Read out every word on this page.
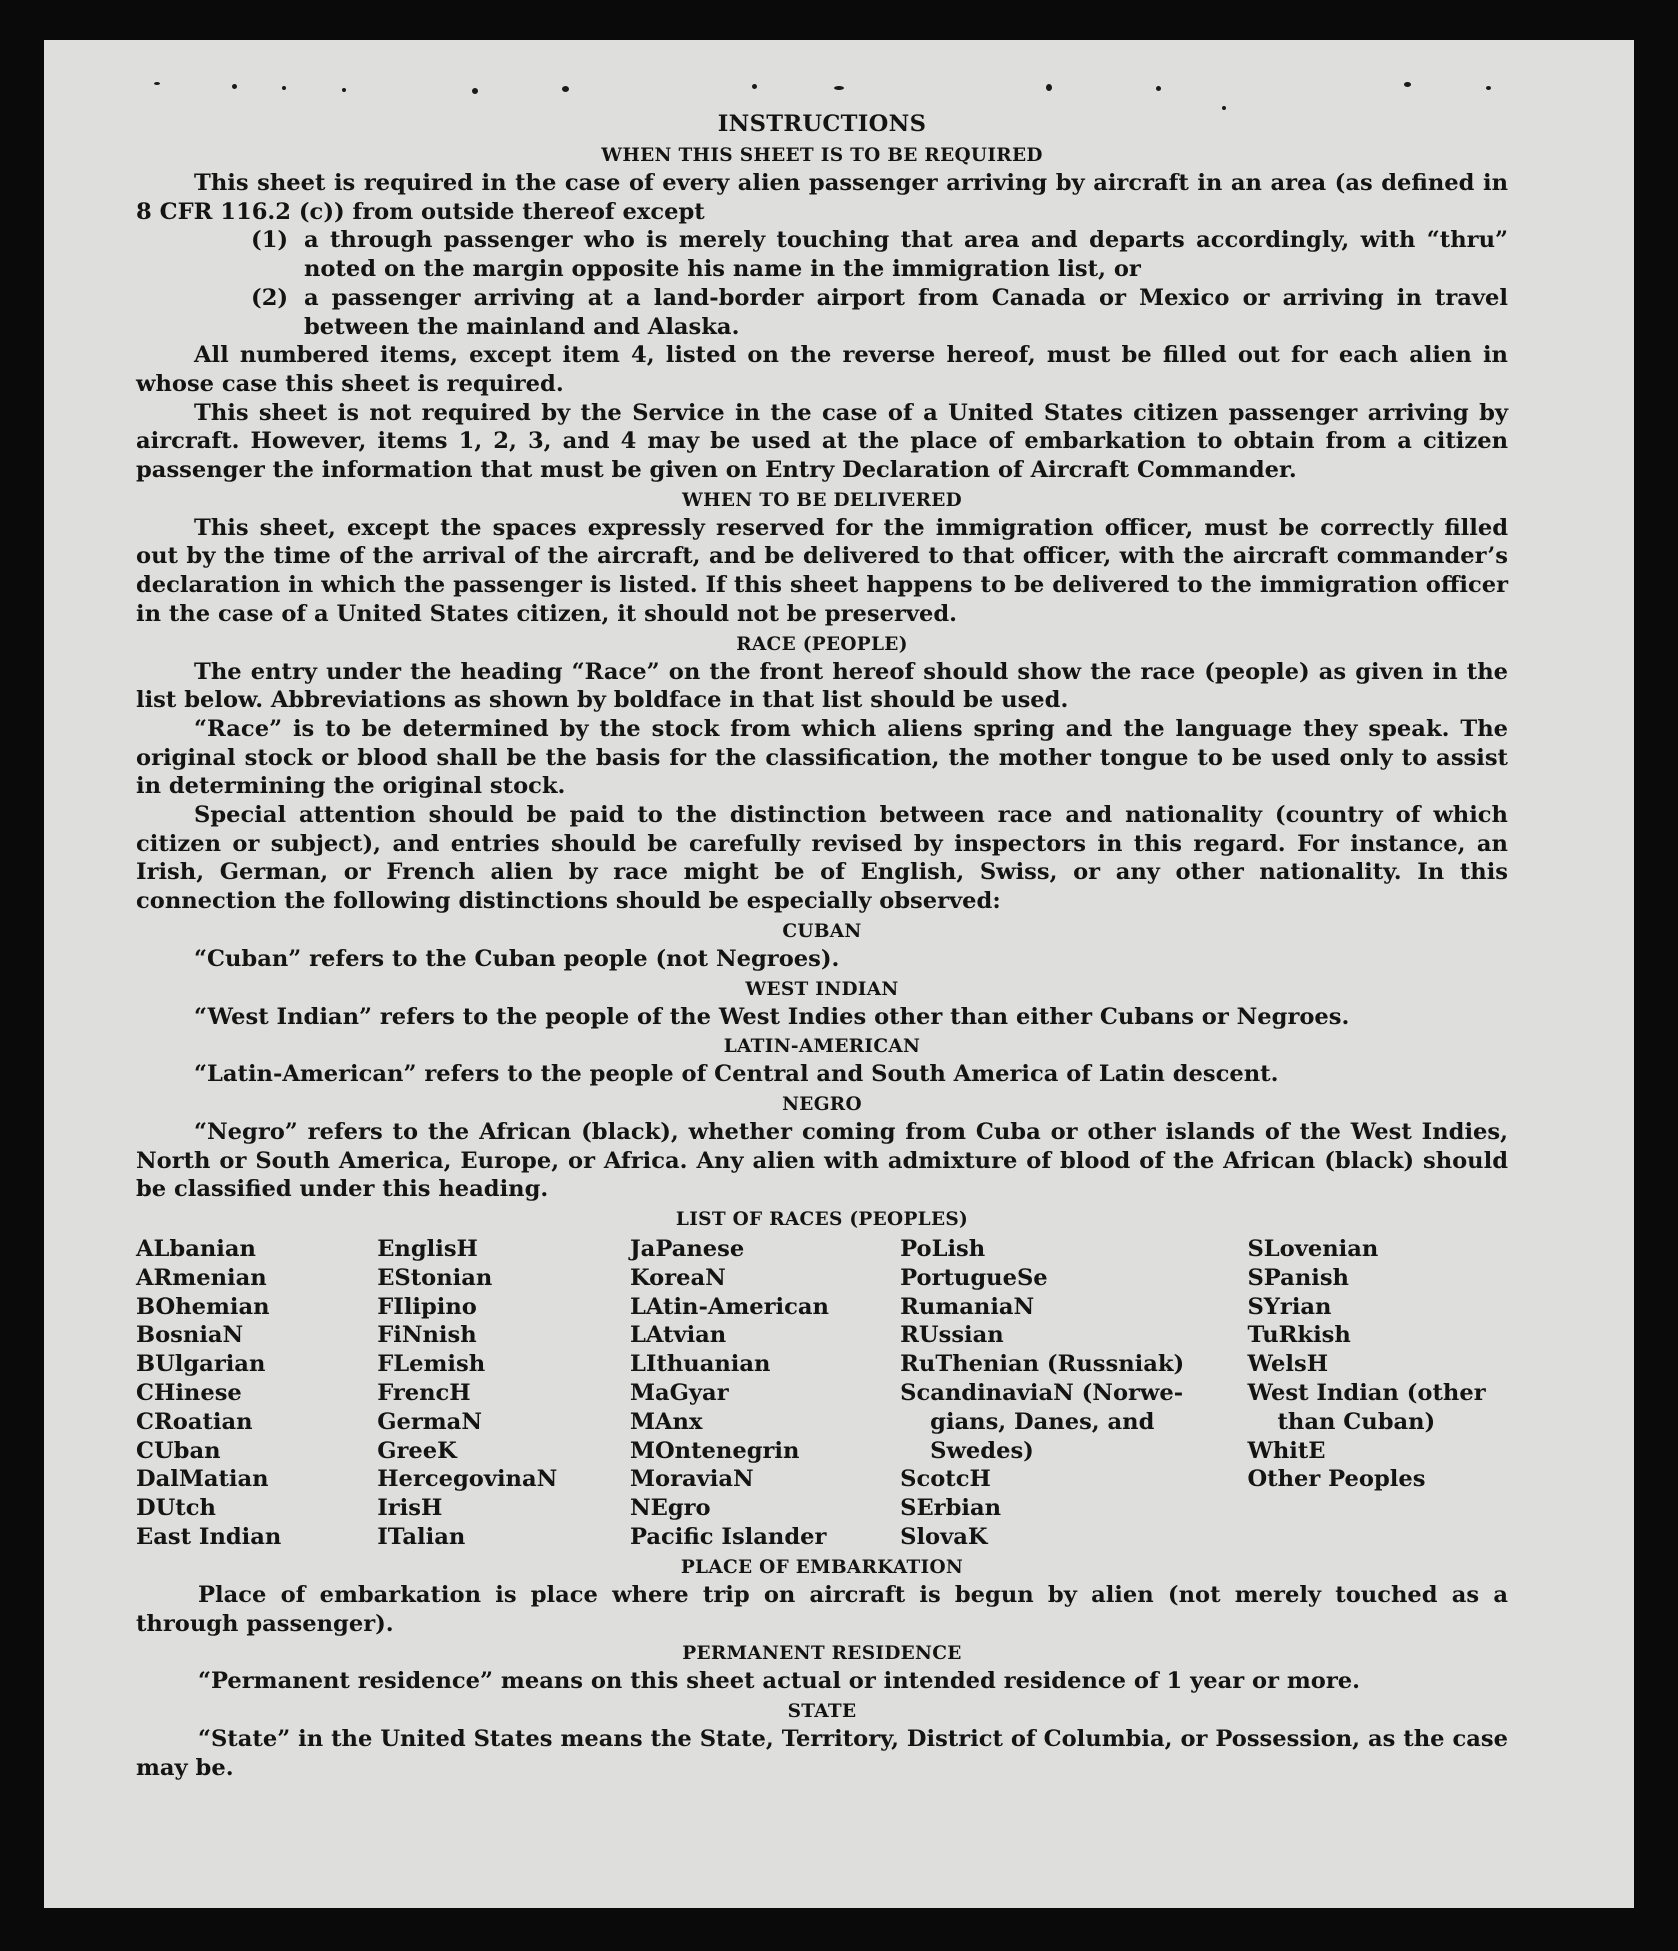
INSTRUCTIONS
WHEN THIS SHEET IS TO BE REQUIRED

This sheet is required in the case of every alien passenger arriving by aircraft in an area (as defined in 8 CFR 116.2 (c)) from outside thereof except

(1) a through passenger who is merely touching that area and departs accordingly, with “thru” noted on the margin opposite his name in the immigration list, or
(2) a passenger arriving at a land-border airport from Canada or Mexico or arriving in travel between the mainland and Alaska.

All numbered items, except item 4, listed on the reverse hereof, must be filled out for each alien in whose case this sheet is required.

This sheet is not required by the Service in the case of a United States citizen passenger arriving by aircraft. However, items 1, 2, 3, and 4 may be used at the place of embarkation to obtain from a citizen passenger the information that must be given on Entry Declaration of Aircraft Commander.

WHEN TO BE DELIVERED

This sheet, except the spaces expressly reserved for the immigration officer, must be correctly filled out by the time of the arrival of the aircraft, and be delivered to that officer, with the aircraft commander’s declaration in which the passenger is listed. If this sheet happens to be delivered to the immigration officer in the case of a United States citizen, it should not be preserved.

RACE (PEOPLE)

The entry under the heading “Race” on the front hereof should show the race (people) as given in the list below. Abbreviations as shown by boldface in that list should be used.

“Race” is to be determined by the stock from which aliens spring and the language they speak. The original stock or blood shall be the basis for the classification, the mother tongue to be used only to assist in determining the original stock.

Special attention should be paid to the distinction between race and nationality (country of which citizen or subject), and entries should be carefully revised by inspectors in this regard. For instance, an Irish, German, or French alien by race might be of English, Swiss, or any other nationality. In this connection the following distinctions should be especially observed:

CUBAN

“Cuban” refers to the Cuban people (not Negroes).

WEST INDIAN

“West Indian” refers to the people of the West Indies other than either Cubans or Negroes.

LATIN-AMERICAN

“Latin-American” refers to the people of Central and South America of Latin descent.

NEGRO

“Negro” refers to the African (black), whether coming from Cuba or other islands of the West Indies, North or South America, Europe, or Africa. Any alien with admixture of blood of the African (black) should be classified under this heading.

LIST OF RACES (PEOPLES)
ALbanian
ARmenian
BOhemian
BosniaN
BUlgarian
CHinese
CRoatian
CUban
DalMatian
DUtch
East Indian
EnglisH
EStonian
FIlipino
FiNnish
FLemish
FrencH
GermaN
GreeK
HercegovinaN
IrisH
ITalian
JaPanese
KoreaN
LAtin-American
LAtvian
LIthuanian
MaGyar
MAnx
MOntenegrin
MoraviaN
NEgro
Pacific Islander
PoLish
PortugueSe
RumaniaN
RUssian
RuThenian (Russniak)
ScandinaviaN (Norwe-
gians, Danes, and
Swedes)
ScotcH
SErbian
SlovaK
SLovenian
SPanish
SYrian
TuRkish
WelsH
West Indian (other
than Cuban)
WhitE
Other Peoples
PLACE OF EMBARKATION

Place of embarkation is place where trip on aircraft is begun by alien (not merely touched as a through passenger).

PERMANENT RESIDENCE

“Permanent residence” means on this sheet actual or intended residence of 1 year or more.

STATE

“State” in the United States means the State, Territory, District of Columbia, or Possession, as the case may be.
